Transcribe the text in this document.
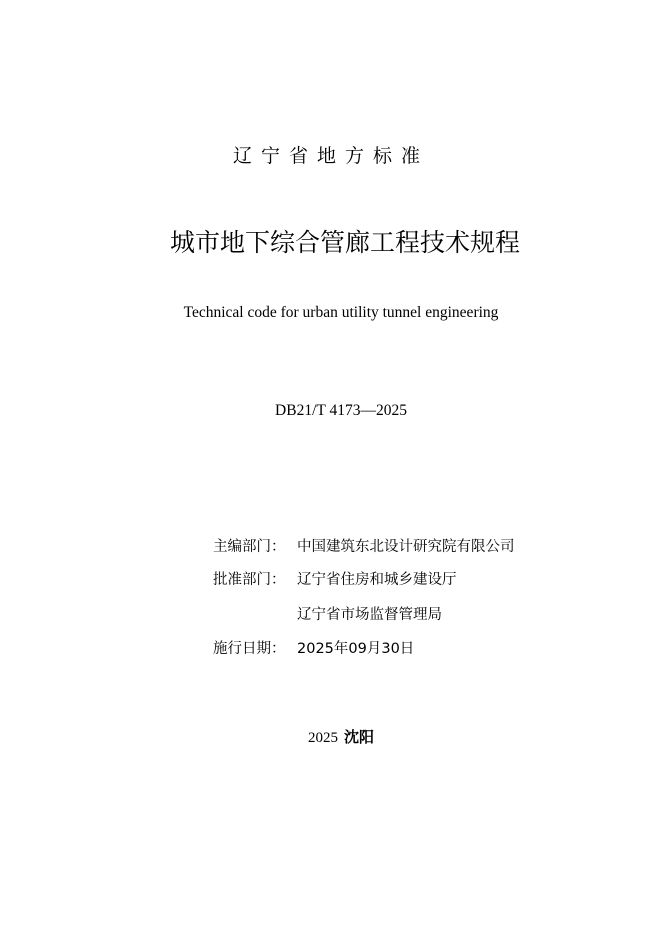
辽宁省地方标准
城市地下综合管廊工程技术规程
Technical code for urban utility tunnel engineering
DB21/T 4173—2025
主编部门： 中国建筑东北设计研究院有限公司
批准部门： 辽宁省住房和城乡建设厅
辽宁省市场监督管理局
施行日期： 2025年09月30日
2025 沈阳
